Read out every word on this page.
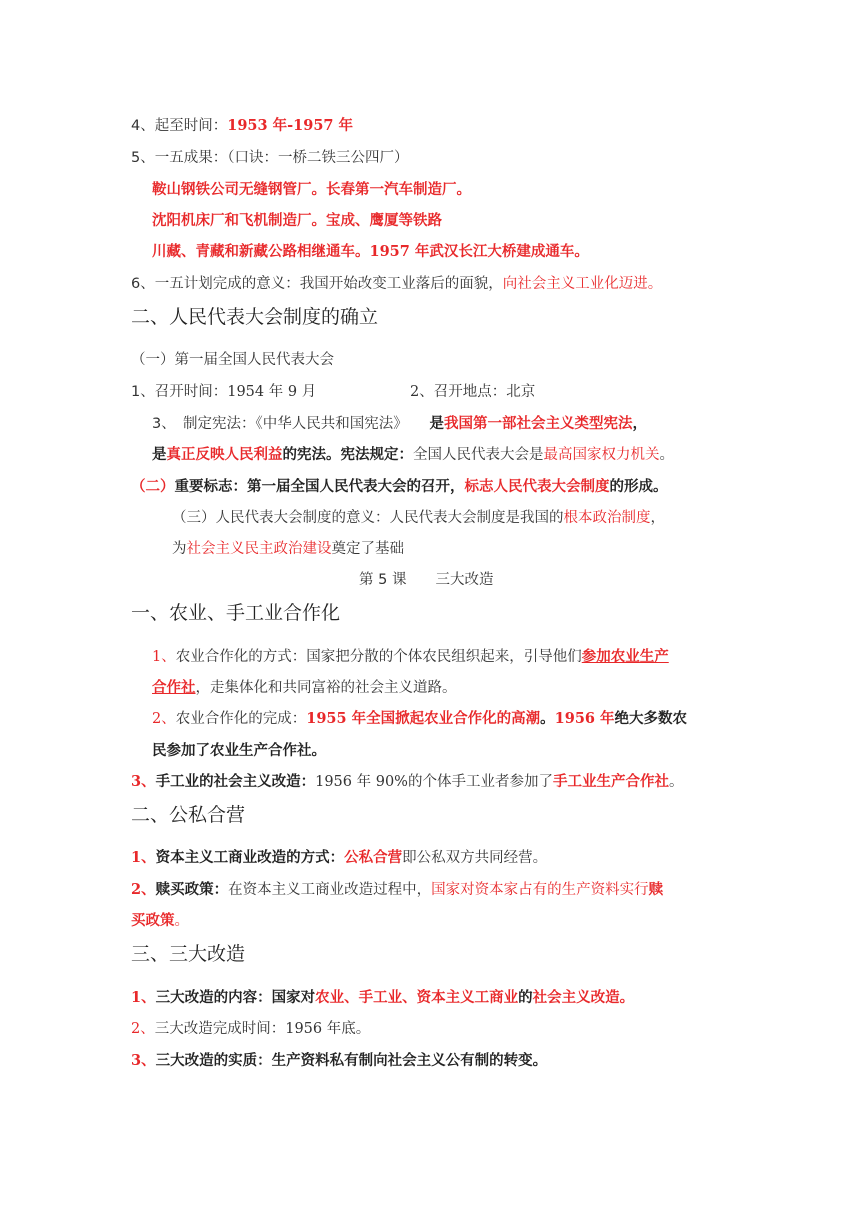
4、起至时间：1953 年-1957 年
5、一五成果：（口诀：一桥二铁三公四厂）
鞍山钢铁公司无缝钢管厂。长春第一汽车制造厂。
沈阳机床厂和飞机制造厂。宝成、鹰厦等铁路
川藏、青藏和新藏公路相继通车。1957 年武汉长江大桥建成通车。
6、一五计划完成的意义：我国开始改变工业落后的面貌，向社会主义工业化迈进。
二、人民代表大会制度的确立
（一）第一届全国人民代表大会
1、召开时间：1954 年 9 月	2、召开地点：北京
3、　制定宪法：《中华人民共和国宪法》　　是我国第一部社会主义类型宪法，
是真正反映人民利益的宪法。宪法规定：全国人民代表大会是最高国家权力机关。
（二）重要标志：第一届全国人民代表大会的召开，标志人民代表大会制度的形成。
（三）人民代表大会制度的意义：人民代表大会制度是我国的根本政治制度，
为社会主义民主政治建设奠定了基础
第 5 课　　三大改造
一、农业、手工业合作化
1、农业合作化的方式：国家把分散的个体农民组织起来，引导他们参加农业生产
合作社，走集体化和共同富裕的社会主义道路。
2、农业合作化的完成：1955 年全国掀起农业合作化的高潮。1956 年绝大多数农
民参加了农业生产合作社。
3、手工业的社会主义改造：1956 年 90%的个体手工业者参加了手工业生产合作社。
二、公私合营
1、资本主义工商业改造的方式：公私合营即公私双方共同经营。
2、赎买政策：在资本主义工商业改造过程中，国家对资本家占有的生产资料实行赎
买政策。
三、三大改造
1、三大改造的内容：国家对农业、手工业、资本主义工商业的社会主义改造。
2、三大改造完成时间：1956 年底。
3、三大改造的实质：生产资料私有制向社会主义公有制的转变。
